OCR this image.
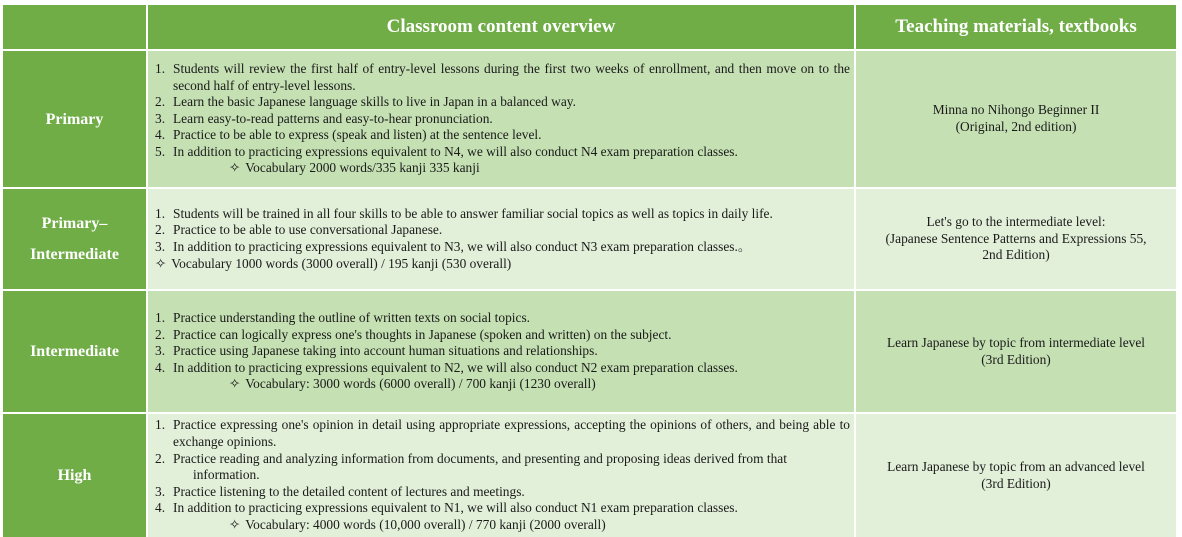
Classroom content overview	Teaching materials, textbooks
Primary
1. Students will review the first half of entry-level lessons during the first two weeks of enrollment, and then move on to the second half of entry-level lessons.
2. Learn the basic Japanese language skills to live in Japan in a balanced way.
3. Learn easy-to-read patterns and easy-to-hear pronunciation.
4. Practice to be able to express (speak and listen) at the sentence level.
5. In addition to practicing expressions equivalent to N4, we will also conduct N4 exam preparation classes.
✧ Vocabulary 2000 words/335 kanji 335 kanji
Minna no Nihongo Beginner II
(Original, 2nd edition)
Primary–
Intermediate
1. Students will be trained in all four skills to be able to answer familiar social topics as well as topics in daily life.
2. Practice to be able to use conversational Japanese.
3. In addition to practicing expressions equivalent to N3, we will also conduct N3 exam preparation classes.。
✧ Vocabulary 1000 words (3000 overall) / 195 kanji (530 overall)
Let's go to the intermediate level:
(Japanese Sentence Patterns and Expressions 55,
2nd Edition)
Intermediate
1. Practice understanding the outline of written texts on social topics.
2. Practice can logically express one's thoughts in Japanese (spoken and written) on the subject.
3. Practice using Japanese taking into account human situations and relationships.
4. In addition to practicing expressions equivalent to N2, we will also conduct N2 exam preparation classes.
✧ Vocabulary: 3000 words (6000 overall) / 700 kanji (1230 overall)
Learn Japanese by topic from intermediate level
(3rd Edition)
High
1. Practice expressing one's opinion in detail using appropriate expressions, accepting the opinions of others, and being able to exchange opinions.
2. Practice reading and analyzing information from documents, and presenting and proposing ideas derived from that
information.
3. Practice listening to the detailed content of lectures and meetings.
4. In addition to practicing expressions equivalent to N1, we will also conduct N1 exam preparation classes.
✧ Vocabulary: 4000 words (10,000 overall) / 770 kanji (2000 overall)
Learn Japanese by topic from an advanced level
(3rd Edition)
